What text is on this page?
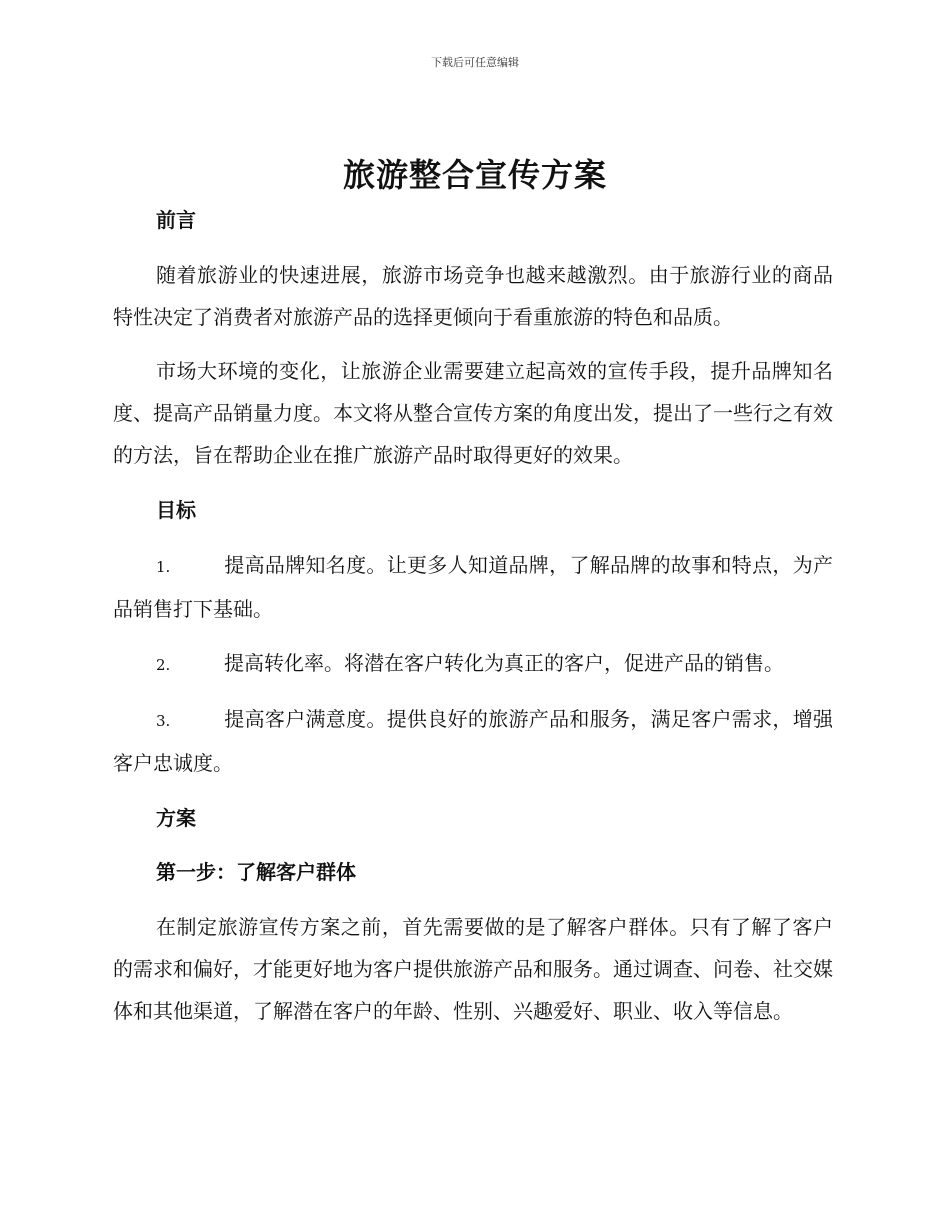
下载后可任意编辑
旅游整合宣传方案
前言

随着旅游业的快速进展，旅游市场竞争也越来越激烈。由于旅游行业的商品特性决定了消费者对旅游产品的选择更倾向于看重旅游的特色和品质。

市场大环境的变化，让旅游企业需要建立起高效的宣传手段，提升品牌知名度、提高产品销量力度。本文将从整合宣传方案的角度出发，提出了一些行之有效的方法，旨在帮助企业在推广旅游产品时取得更好的效果。

目标

1.	提高品牌知名度。让更多人知道品牌，了解品牌的故事和特点，为产品销售打下基础。

2.	提高转化率。将潜在客户转化为真正的客户，促进产品的销售。

3.	提高客户满意度。提供良好的旅游产品和服务，满足客户需求，增强客户忠诚度。

方案
第一步：了解客户群体

在制定旅游宣传方案之前，首先需要做的是了解客户群体。只有了解了客户的需求和偏好，才能更好地为客户提供旅游产品和服务。通过调查、问卷、社交媒体和其他渠道，了解潜在客户的年龄、性别、兴趣爱好、职业、收入等信息。
